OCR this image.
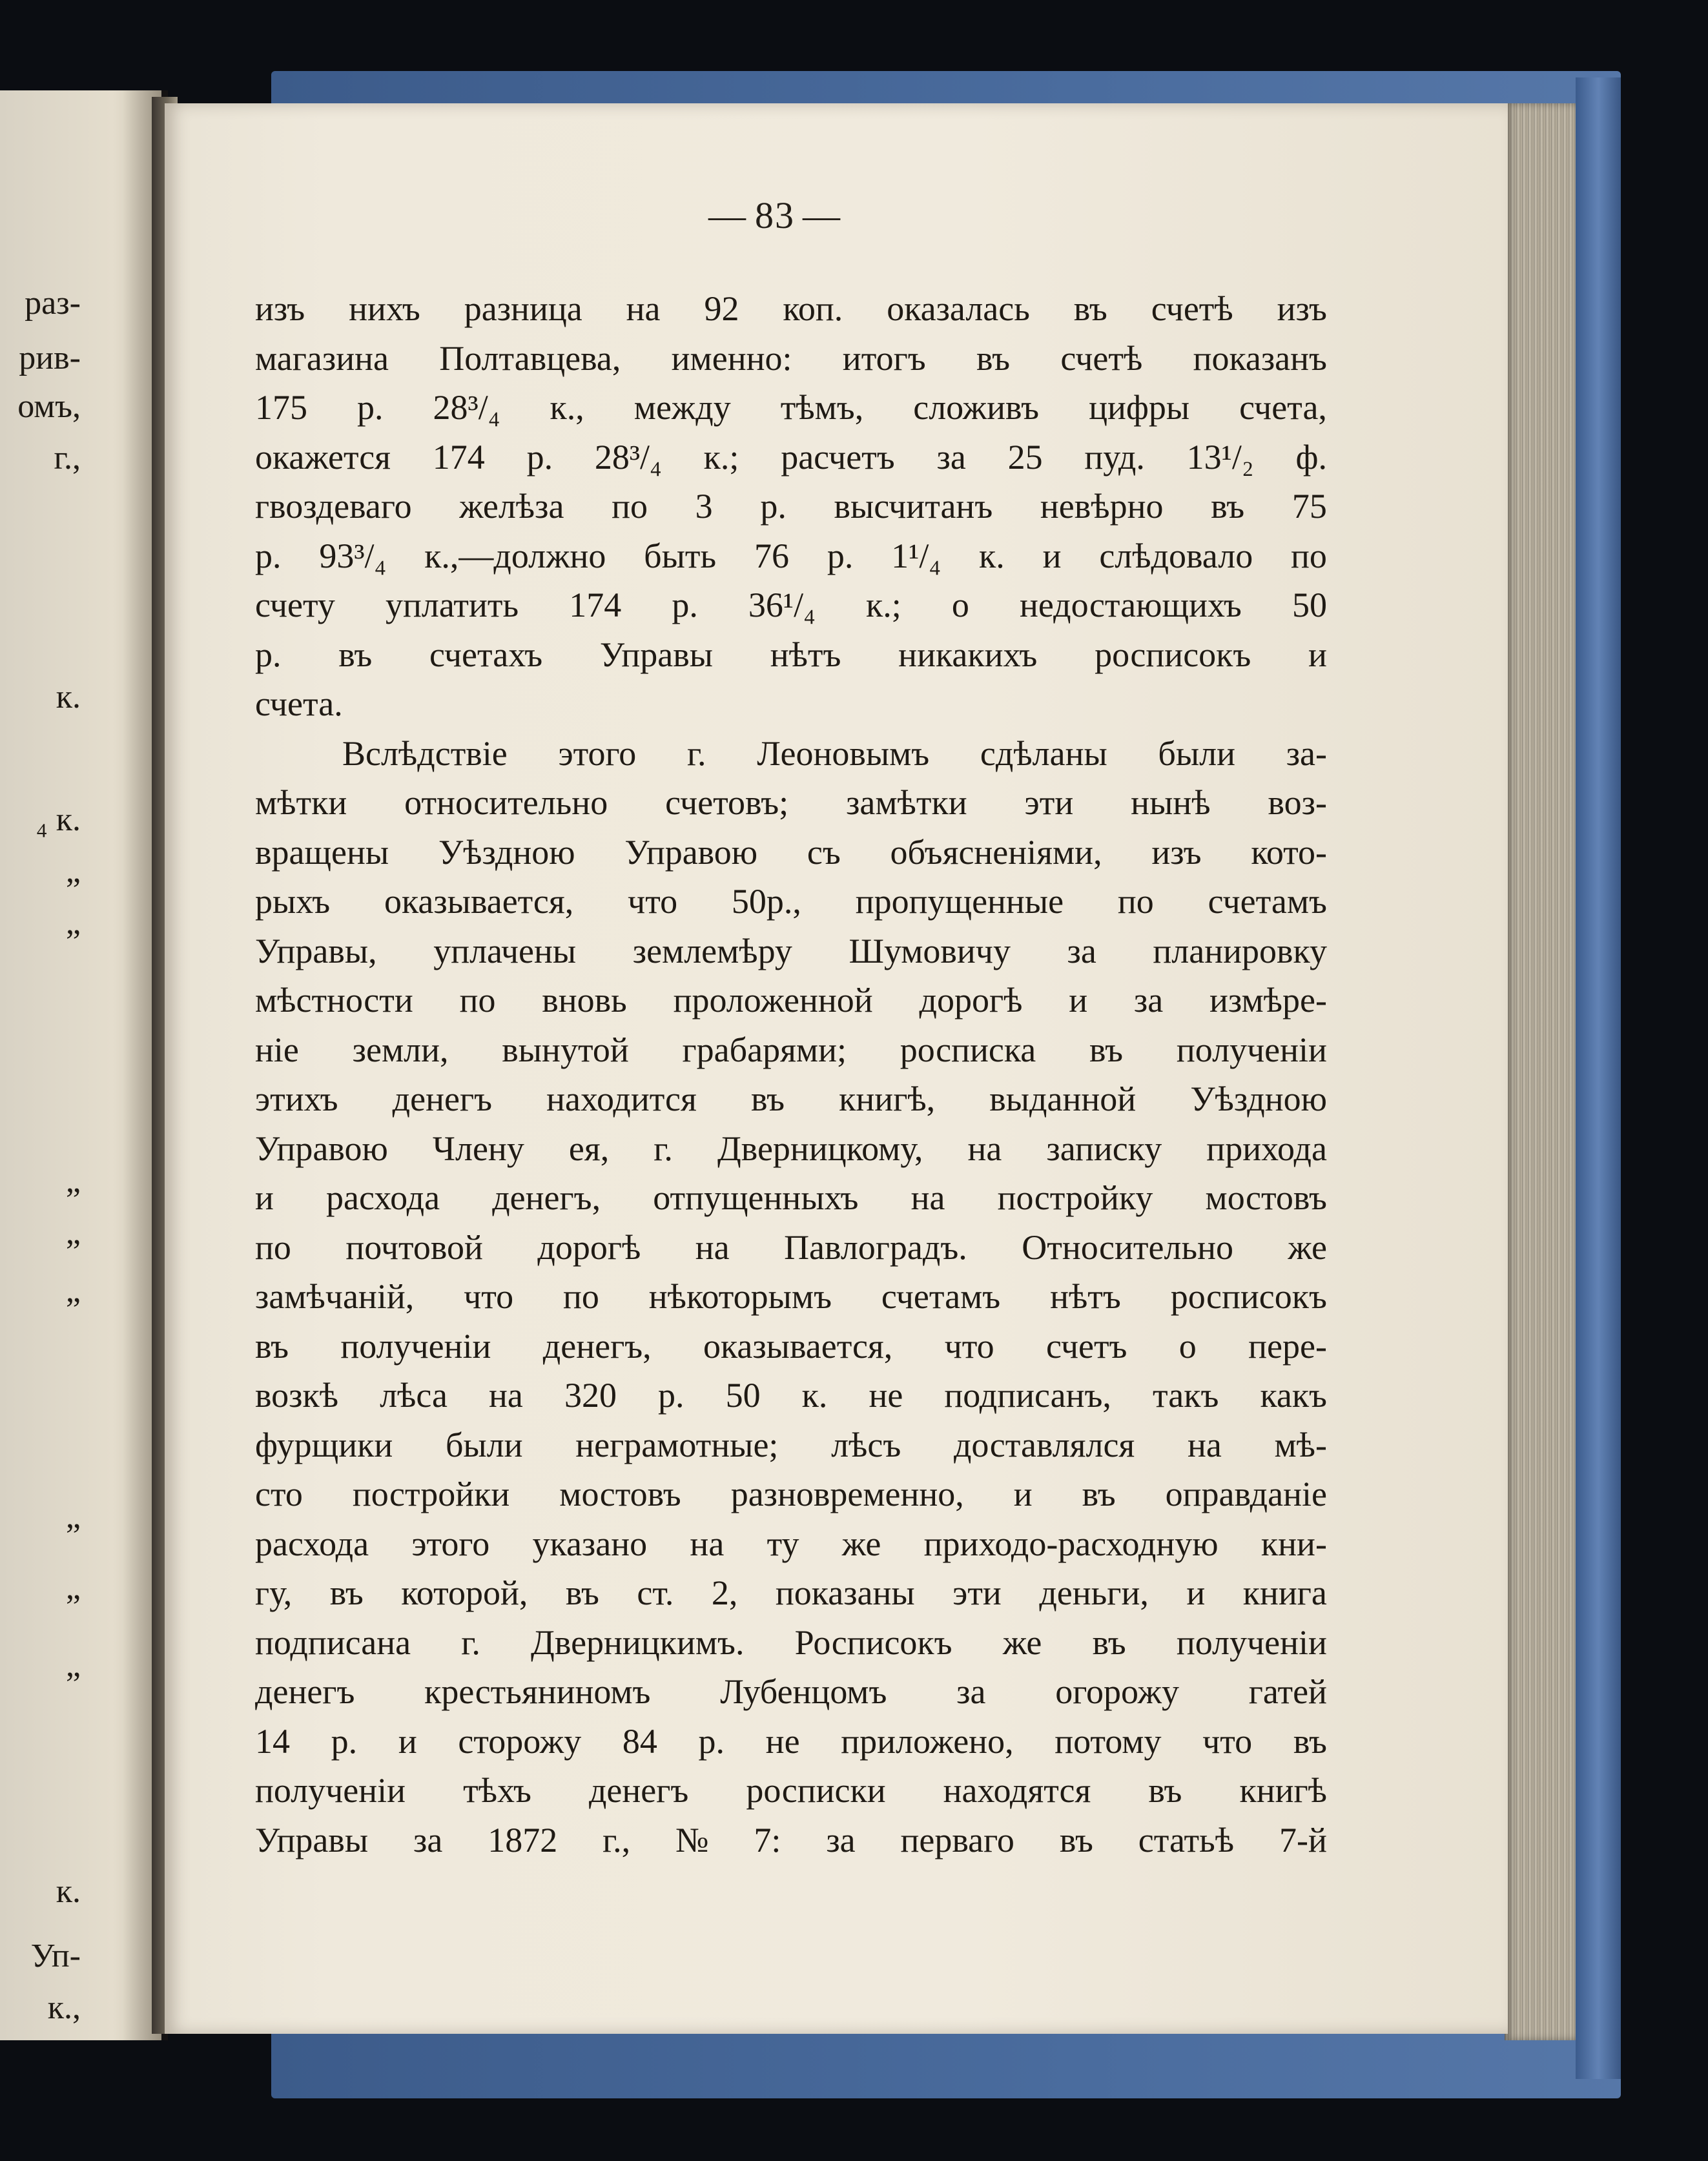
раз-
рив-
омъ,
г.,
к.
₄ к.
„
„
„
„
„
„
„
„
к.
Уп-
к.,
— 83 —
изъ нихъ разница на 92 коп. оказалась въ счетѣ изъ
магазина Полтавцева, именно: итогъ въ счетѣ показанъ
175 р. 28³/₄ к., между тѣмъ, сложивъ цифры счета,
окажется 174 р. 28³/₄ к.; расчетъ за 25 пуд. 13¹/₂ ф.
гвоздеваго желѣза по 3 р. высчитанъ невѣрно въ 75
р. 93³/₄ к.,—должно быть 76 р. 1¹/₄ к. и слѣдовало по
счету уплатить 174 р. 36¹/₄ к.; о недостающихъ 50
р. въ счетахъ Управы нѣтъ никакихъ росписокъ и
счета.
Вслѣдствіе этого г. Леоновымъ сдѣланы были за-
мѣтки относительно счетовъ; замѣтки эти нынѣ воз-
вращены Уѣздною Управою съ объясненіями, изъ кото-
рыхъ оказывается, что 50р., пропущенные по счетамъ
Управы, уплачены землемѣру Шумовичу за планировку
мѣстности по вновь проложенной дорогѣ и за измѣре-
ніе земли, вынутой грабарями; росписка въ полученіи
этихъ денегъ находится въ книгѣ, выданной Уѣздною
Управою Члену ея, г. Дверницкому, на записку прихода
и расхода денегъ, отпущенныхъ на постройку мостовъ
по почтовой дорогѣ на Павлоградъ. Относительно же
замѣчаній, что по нѣкоторымъ счетамъ нѣтъ росписокъ
въ полученіи денегъ, оказывается, что счетъ о пере-
возкѣ лѣса на 320 р. 50 к. не подписанъ, такъ какъ
фурщики были неграмотные; лѣсъ доставлялся на мѣ-
сто постройки мостовъ разновременно, и въ оправданіе
расхода этого указано на ту же приходо-расходную кни-
гу, въ которой, въ ст. 2, показаны эти деньги, и книга
подписана г. Дверницкимъ. Росписокъ же въ полученіи
денегъ крестьяниномъ Лубенцомъ за огорожу гатей
14 р. и сторожу 84 р. не приложено, потому что въ
полученіи тѣхъ денегъ росписки находятся въ книгѣ
Управы за 1872 г., № 7: за перваго въ статьѣ 7-й
